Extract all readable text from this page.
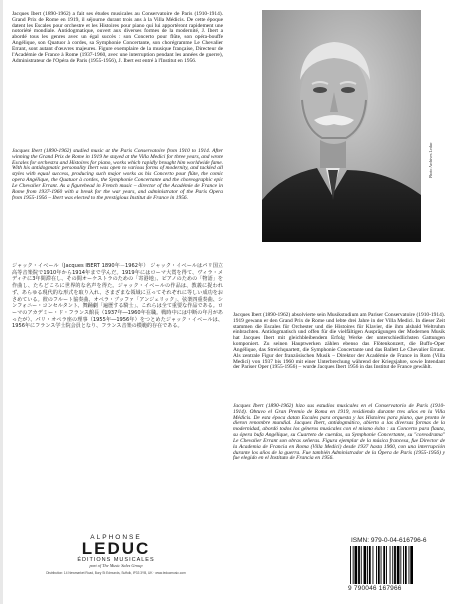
Jacques Ibert (1890-1962) a fait ses études musicales au Conservatoire de Paris (1910-1914). Grand Prix de Rome en 1919, il séjourne durant trois ans à la Villa Médicis. De cette époque datent les Escales pour orchestre et les Histoires pour piano qui lui apportèront rapidement une notoriété mondiale. Antidogmatique, ouvert aux diverses formes de la modernité, J. Ibert a abordé tous les genres avec un égal succès : son Concerto pour flûte, son opéra-bouffe Angélique, son Quatuor à cordes, sa Symphonie Concertante, son chorégramme Le Chevalier Errant, sont autant d'œuvres majeures. Figure exemplaire de la musique française, Directeur de l'Académie de France à Rome (1937-1960, avec une interruption pendant les années de guerre), Administrateur de l'Opéra de Paris (1955-1956), J. Ibert est entré à l'Institut en 1956.

Jacques Ibert (1890-1962) studied music at the Paris Conservatoire from 1910 to 1914. After winning the Grand Prix de Rome in 1919 he stayed at the Villa Medici for three years, and wrote Escales for orchestra and Histoires for piano, works which rapidly brought him worldwide fame. With his antidogmatic personality Ibert was open to various forms of modernity, and tackled all styles with equal success, producing such major works as his Concerto pour flûte, the comic opera Angélique, the Quatuor à cordes, the Symphonie Concertante and the choreographic epic Le Chevalier Errant. As a figurehead in French music – director of the Académie de France in Rome from 1937-1960 with a break for the war years, and administrator of the Paris Opera from 1955-1956 – Ibert was elected to the prestigious Institut de France in 1956.

ジャック・イベール（Jacques IBERT 1890年－1962年） ジャック・イベールはパリ国立高等音楽院で1910年から1914年まで学んだ。1919年にはローマ大賞を得て、ヴィラ・メディチに3年間滞在し、その間オーケストラのための「寄港地」、ピアノのための「物語」を作曲し、たちどころに世界的な名声を得た。ジャック・イベールの作品は、教義に捉われず、あらゆる現代的な形式を取り入れ、さまざまな領域に亘ってそれぞれに等しい成功をおさめている。彼のフルート協奏曲、オペラ・ブッファ「アンジェリック」、弦楽四重奏曲、シンフォニー・コンセルタント、舞踊劇「遍歴する騎士」、これらは全て重要な作品である。ローマのアカデミー・ド・フランス館長（1937年―1960年在職。戦時中には中断の年月があったが）、パリ・オペラ座の理事（1955年―1956年）をつとめたジャック・イベールは、1956年にフランス学士院会員となり、フランス音楽の模範的存在である。

Photo Archives Leduc

Jacques Ibert (1890-1962) absolvierte sein Musikstudium am Pariser Conservatoire (1910-1914). 1919 gewann er den Grand Prix de Rome und lebte drei Jahre in der Villa Medici. In dieser Zeit stammen die Escales für Orchester und die Histoires für Klavier, die ihm alsbald Weltruhm einbrachten. Antidogmatisch und offen für die vielfältigen Ausprägungen der Modernen Musik hat Jacques Ibert mit gleichbleibendem Erfolg Werke der unterschiedlichsten Gattungen komponiert. Zu seinen Hauptwerken zählen ebenso das Flötenkonzert, die Buffo-Oper Angélique, das Streichquartett, die Symphonie Concertante und das Ballett Le Chevalier Errant. Als zentrale Figur der französischen Musik – Direktor der Académie de France in Rom (Villa Medici) von 1937 bis 1960 mit einer Unterbrechung während der Kriegsjahre, sowie Intendant der Pariser Oper (1955-1956) – wurde Jacques Ibert 1956 in das Institut de France gewählt.

Jacques Ibert (1890-1962) hizo sus estudios musicales en el Conservatorio de París (1910-1914). Obtuvo el Gran Premio de Roma en 1919, residiendo durante tres años en la Villa Médicis. De esta época datan Escales para orquesta y las Histoires para piano, que pronto le dieron renombre mundial. Jacques Ibert, antidogmático, abierto a las diversas formas de la modernidad, abordó todos los géneros musicales con el mismo éxito : su Concerto para flauta, su ópera bufa Angélique, su Cuarteto de cuerdas, su Symphonie Concertante, su "coreodrama" Le Chevalier Errant son obras señeras. Figura ejemplar de la música francesa, fue Director de la Academia de Francia en Roma (Villa Medici) desde 1937 hasta 1960, con una interrupción durante los años de la guerra. Fue también Administrador de la Ópera de París (1955-1956) y fue elegido en el Instituto de Francia en 1956.

ALPHONSE
LEDUC
ÉDITIONS MUSICALES
part of The Music Sales Group
Distribution: 14 Newmarket Road, Bury St Edmunds, Suffolk, IP33 3YB, UK · www.leducmusic.com
ISMN: 979-0-04-616796-6
9 790046 167966
